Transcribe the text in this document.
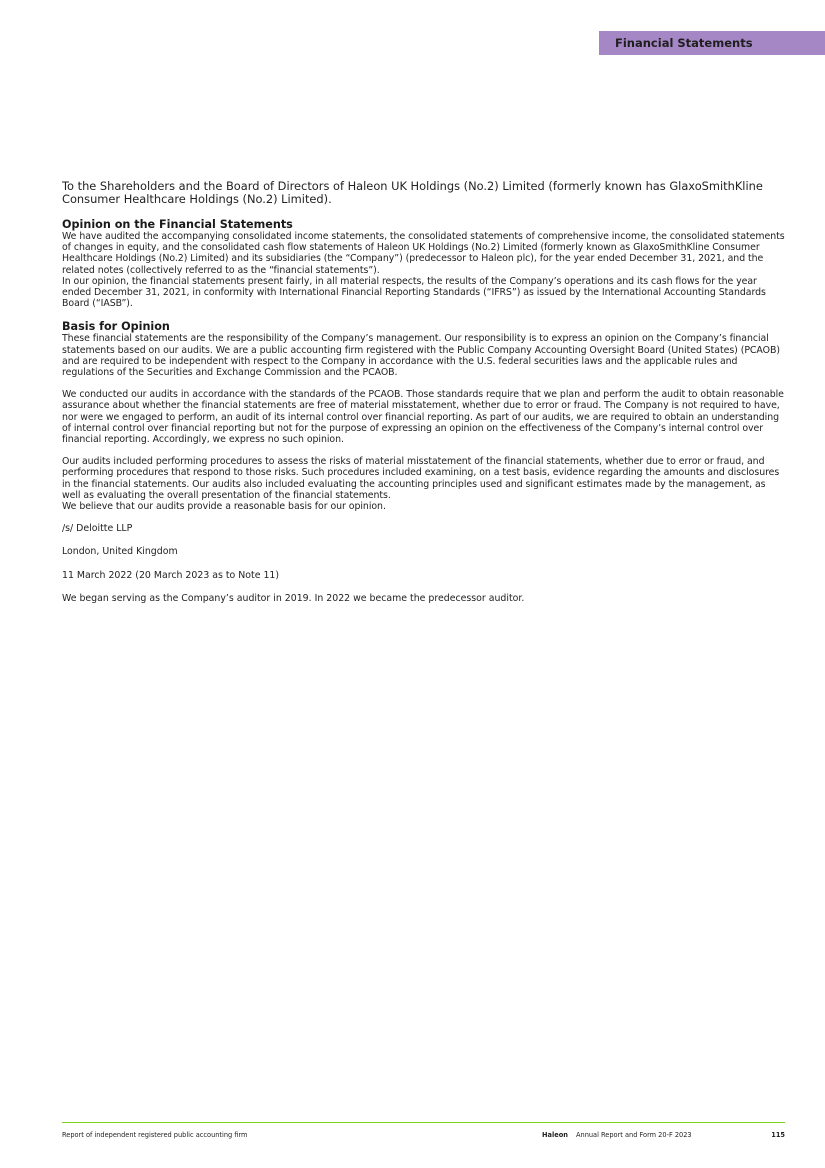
Financial Statements

To the Shareholders and the Board of Directors of Haleon UK Holdings (No.2) Limited (formerly known has GlaxoSmithKline Consumer Healthcare Holdings (No.2) Limited).

Opinion on the Financial Statements

We have audited the accompanying consolidated income statements, the consolidated statements of comprehensive income, the consolidated statements of changes in equity, and the consolidated cash flow statements of Haleon UK Holdings (No.2) Limited (formerly known as GlaxoSmithKline Consumer Healthcare Holdings (No.2) Limited) and its subsidiaries (the “Company”) (predecessor to Haleon plc), for the year ended December 31, 2021, and the related notes (collectively referred to as the “financial statements”).

In our opinion, the financial statements present fairly, in all material respects, the results of the Company’s operations and its cash flows for the year ended December 31, 2021, in conformity with International Financial Reporting Standards (“IFRS”) as issued by the International Accounting Standards Board (“IASB”).

Basis for Opinion

These financial statements are the responsibility of the Company’s management. Our responsibility is to express an opinion on the Company’s financial statements based on our audits. We are a public accounting firm registered with the Public Company Accounting Oversight Board (United States) (PCAOB) and are required to be independent with respect to the Company in accordance with the U.S. federal securities laws and the applicable rules and regulations of the Securities and Exchange Commission and the PCAOB.

We conducted our audits in accordance with the standards of the PCAOB. Those standards require that we plan and perform the audit to obtain reasonable assurance about whether the financial statements are free of material misstatement, whether due to error or fraud. The Company is not required to have, nor were we engaged to perform, an audit of its internal control over financial reporting. As part of our audits, we are required to obtain an understanding of internal control over financial reporting but not for the purpose of expressing an opinion on the effectiveness of the Company’s internal control over financial reporting. Accordingly, we express no such opinion.

Our audits included performing procedures to assess the risks of material misstatement of the financial statements, whether due to error or fraud, and performing procedures that respond to those risks. Such procedures included examining, on a test basis, evidence regarding the amounts and disclosures in the financial statements. Our audits also included evaluating the accounting principles used and significant estimates made by the management, as well as evaluating the overall presentation of the financial statements.

We believe that our audits provide a reasonable basis for our opinion.

/s/ Deloitte LLP

London, United Kingdom

11 March 2022 (20 March 2023 as to Note 11)

We began serving as the Company’s auditor in 2019. In 2022 we became the predecessor auditor.

Report of independent registered public accounting firm	Haleon Annual Report and Form 20-F 2023	115
